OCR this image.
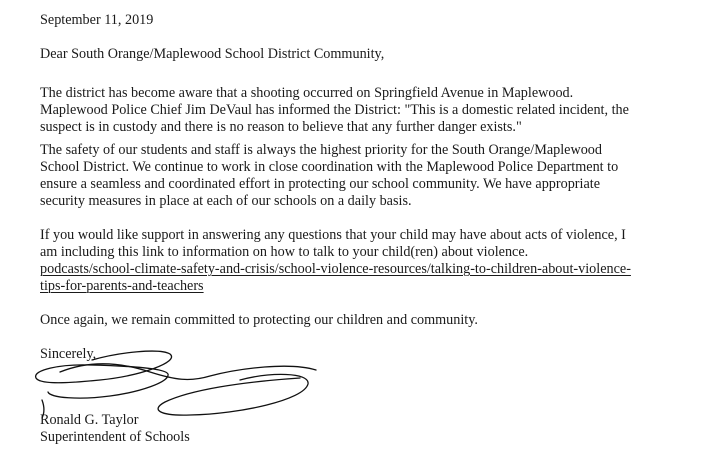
September 11, 2019
Dear South Orange/Maplewood School District Community,
The district has become aware that a shooting occurred on Springfield Avenue in Maplewood.
Maplewood Police Chief Jim DeVaul has informed the District: "This is a domestic related incident, the
suspect is in custody and there is no reason to believe that any further danger exists."
The safety of our students and staff is always the highest priority for the South Orange/Maplewood
School District. We continue to work in close coordination with the Maplewood Police Department to
ensure a seamless and coordinated effort in protecting our school community. We have appropriate
security measures in place at each of our schools on a daily basis.
If you would like support in answering any questions that your child may have about acts of violence, I
am including this link to information on how to talk to your child(ren) about violence.
podcasts/school-climate-safety-and-crisis/school-violence-resources/talking-to-children-about-violence-
tips-for-parents-and-teachers
Once again, we remain committed to protecting our children and community.
Sincerely,
Ronald G. Taylor
Superintendent of Schools
